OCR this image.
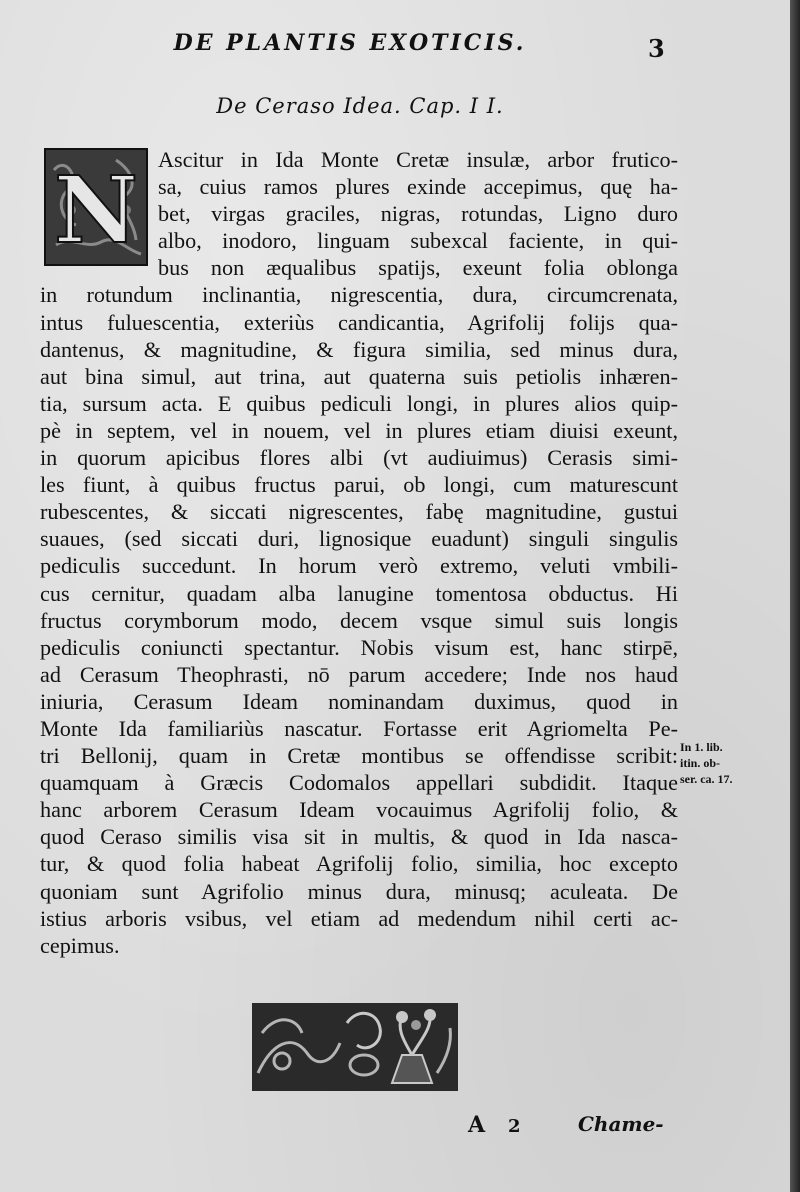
DE PLANTIS EXOTICIS.	3
De Ceraso Idea. Cap. I I.
N Ascitur in Ida Monte Cretæ insulæ, arbor frutico-
sa, cuius ramos plures exinde accepimus, quę ha-
bet, virgas graciles, nigras, rotundas, Ligno duro
albo, inodoro, linguam subexcal faciente, in qui-
bus non æqualibus spatijs, exeunt folia oblonga
in rotundum inclinantia, nigrescentia, dura, circumcrenata,
intus fuluescentia, exteriùs candicantia, Agrifolij folijs qua-
dantenus, & magnitudine, & figura similia, sed minus dura,
aut bina simul, aut trina, aut quaterna suis petiolis inhæren-
tia, sursum acta. E quibus pediculi longi, in plures alios quip-
pè in septem, vel in nouem, vel in plures etiam diuisi exeunt,
in quorum apicibus flores albi (vt audiuimus) Cerasis simi-
les fiunt, à quibus fructus parui, ob longi, cum maturescunt
rubescentes, & siccati nigrescentes, fabę magnitudine, gustui
suaues, (sed siccati duri, lignosique euadunt) singuli singulis
pediculis succedunt. In horum verò extremo, veluti vmbili-
cus cernitur, quadam alba lanugine tomentosa obductus. Hi
fructus corymborum modo, decem vsque simul suis longis
pediculis coniuncti spectantur. Nobis visum est, hanc stirpē,
ad Cerasum Theophrasti, nō parum accedere; Inde nos haud
iniuria, Cerasum Ideam nominandam duximus, quod in
Monte Ida familiariùs nascatur. Fortasse erit Agriomelta Pe-
tri Bellonij, quam in Cretæ montibus se offendisse scribit:
quamquam à Græcis Codomalos appellari subdidit. Itaque
hanc arborem Cerasum Ideam vocauimus Agrifolij folio, &
quod Ceraso similis visa sit in multis, & quod in Ida nasca-
tur, & quod folia habeat Agrifolij folio, similia, hoc excepto
quoniam sunt Agrifolio minus dura, minusq; aculeata. De
istius arboris vsibus, vel etiam ad medendum nihil certi ac-
cepimus.
In 1. lib.
itin. ob-
ser. ca. 17.
A 2	Chame-
